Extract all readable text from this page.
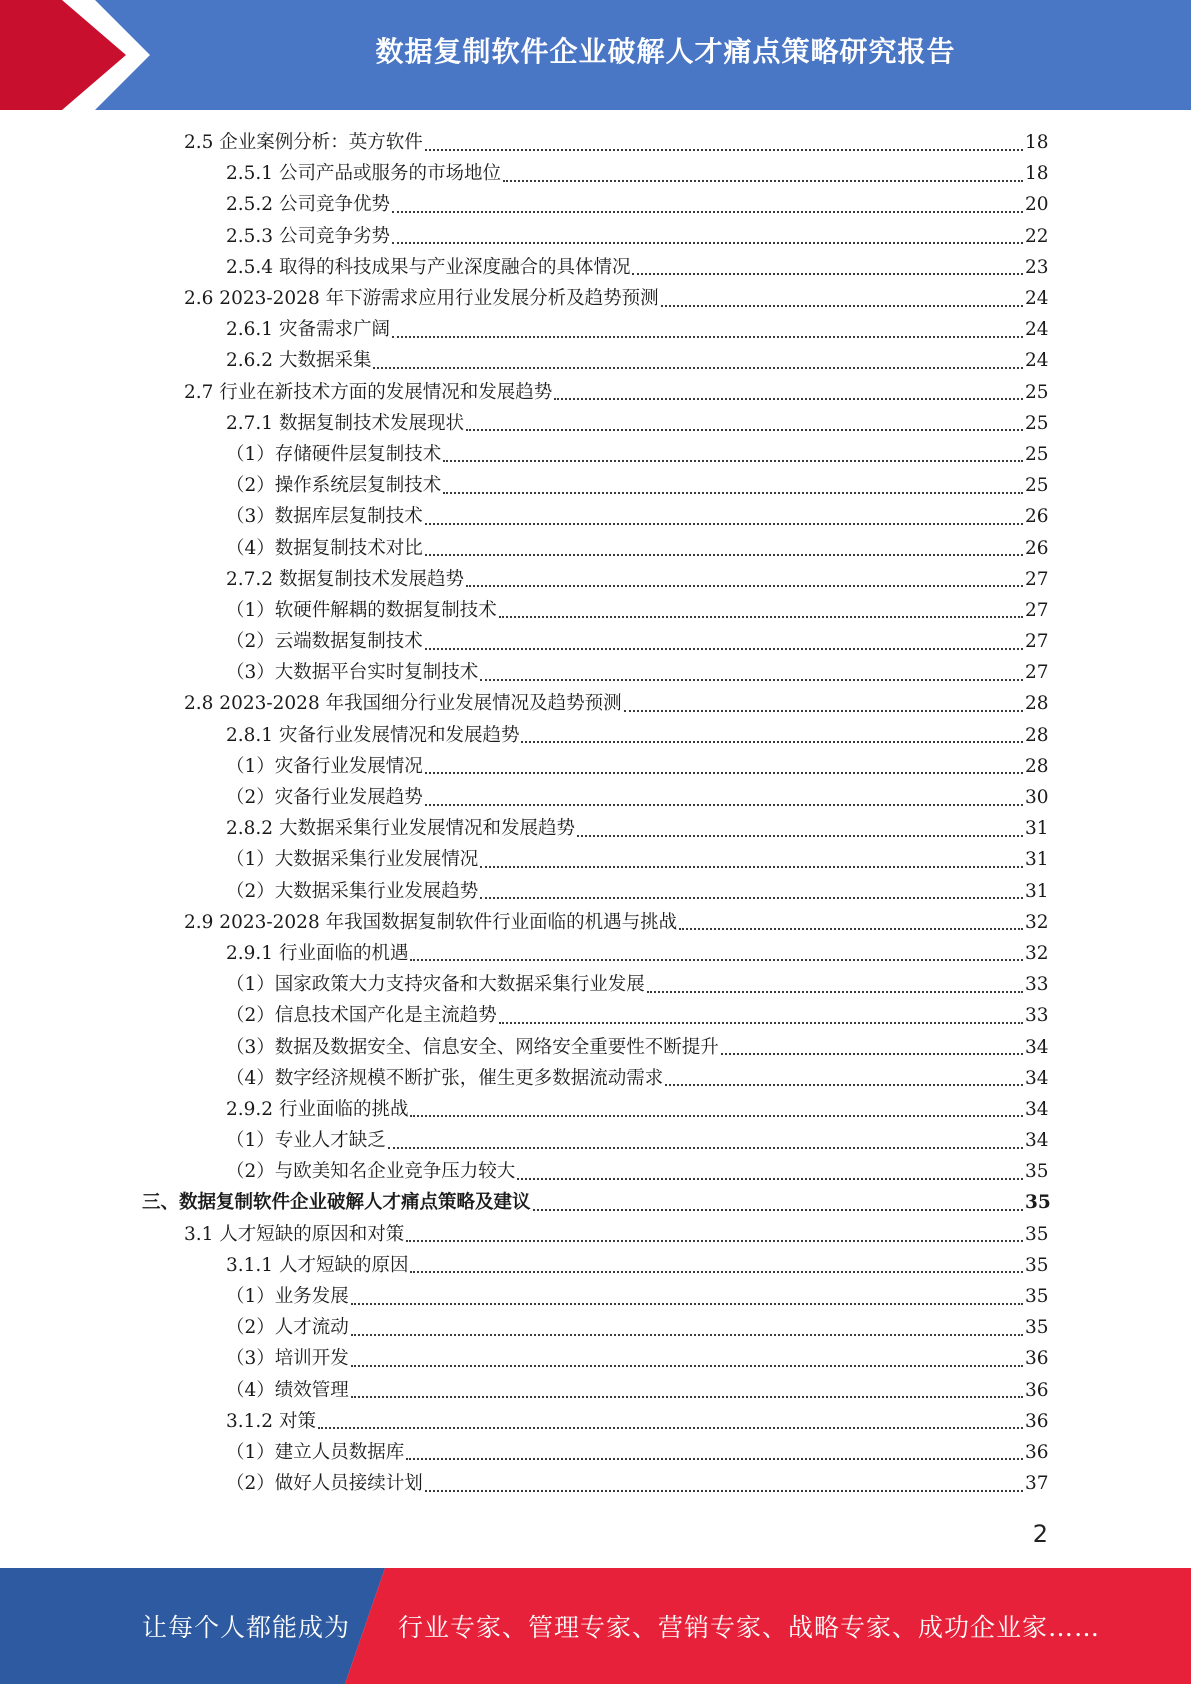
数据复制软件企业破解人才痛点策略研究报告
2.5 企业案例分析：英方软件	18
2.5.1 公司产品或服务的市场地位	18
2.5.2 公司竞争优势	20
2.5.3 公司竞争劣势	22
2.5.4 取得的科技成果与产业深度融合的具体情况	23
2.6 2023-2028 年下游需求应用行业发展分析及趋势预测	24
2.6.1 灾备需求广阔	24
2.6.2 大数据采集	24
2.7 行业在新技术方面的发展情况和发展趋势	25
2.7.1 数据复制技术发展现状	25
（1）存储硬件层复制技术	25
（2）操作系统层复制技术	25
（3）数据库层复制技术	26
（4）数据复制技术对比	26
2.7.2 数据复制技术发展趋势	27
（1）软硬件解耦的数据复制技术	27
（2）云端数据复制技术	27
（3）大数据平台实时复制技术	27
2.8 2023-2028 年我国细分行业发展情况及趋势预测	28
2.8.1 灾备行业发展情况和发展趋势	28
（1）灾备行业发展情况	28
（2）灾备行业发展趋势	30
2.8.2 大数据采集行业发展情况和发展趋势	31
（1）大数据采集行业发展情况	31
（2）大数据采集行业发展趋势	31
2.9 2023-2028 年我国数据复制软件行业面临的机遇与挑战	32
2.9.1 行业面临的机遇	32
（1）国家政策大力支持灾备和大数据采集行业发展	33
（2）信息技术国产化是主流趋势	33
（3）数据及数据安全、信息安全、网络安全重要性不断提升	34
（4）数字经济规模不断扩张，催生更多数据流动需求	34
2.9.2 行业面临的挑战	34
（1）专业人才缺乏	34
（2）与欧美知名企业竞争压力较大	35
三、数据复制软件企业破解人才痛点策略及建议	35
3.1 人才短缺的原因和对策	35
3.1.1 人才短缺的原因	35
（1）业务发展	35
（2）人才流动	35
（3）培训开发	36
（4）绩效管理	36
3.1.2 对策	36
（1）建立人员数据库	36
（2）做好人员接续计划	37
2
让每个人都能成为 行业专家、管理专家、营销专家、战略专家、成功企业家……
